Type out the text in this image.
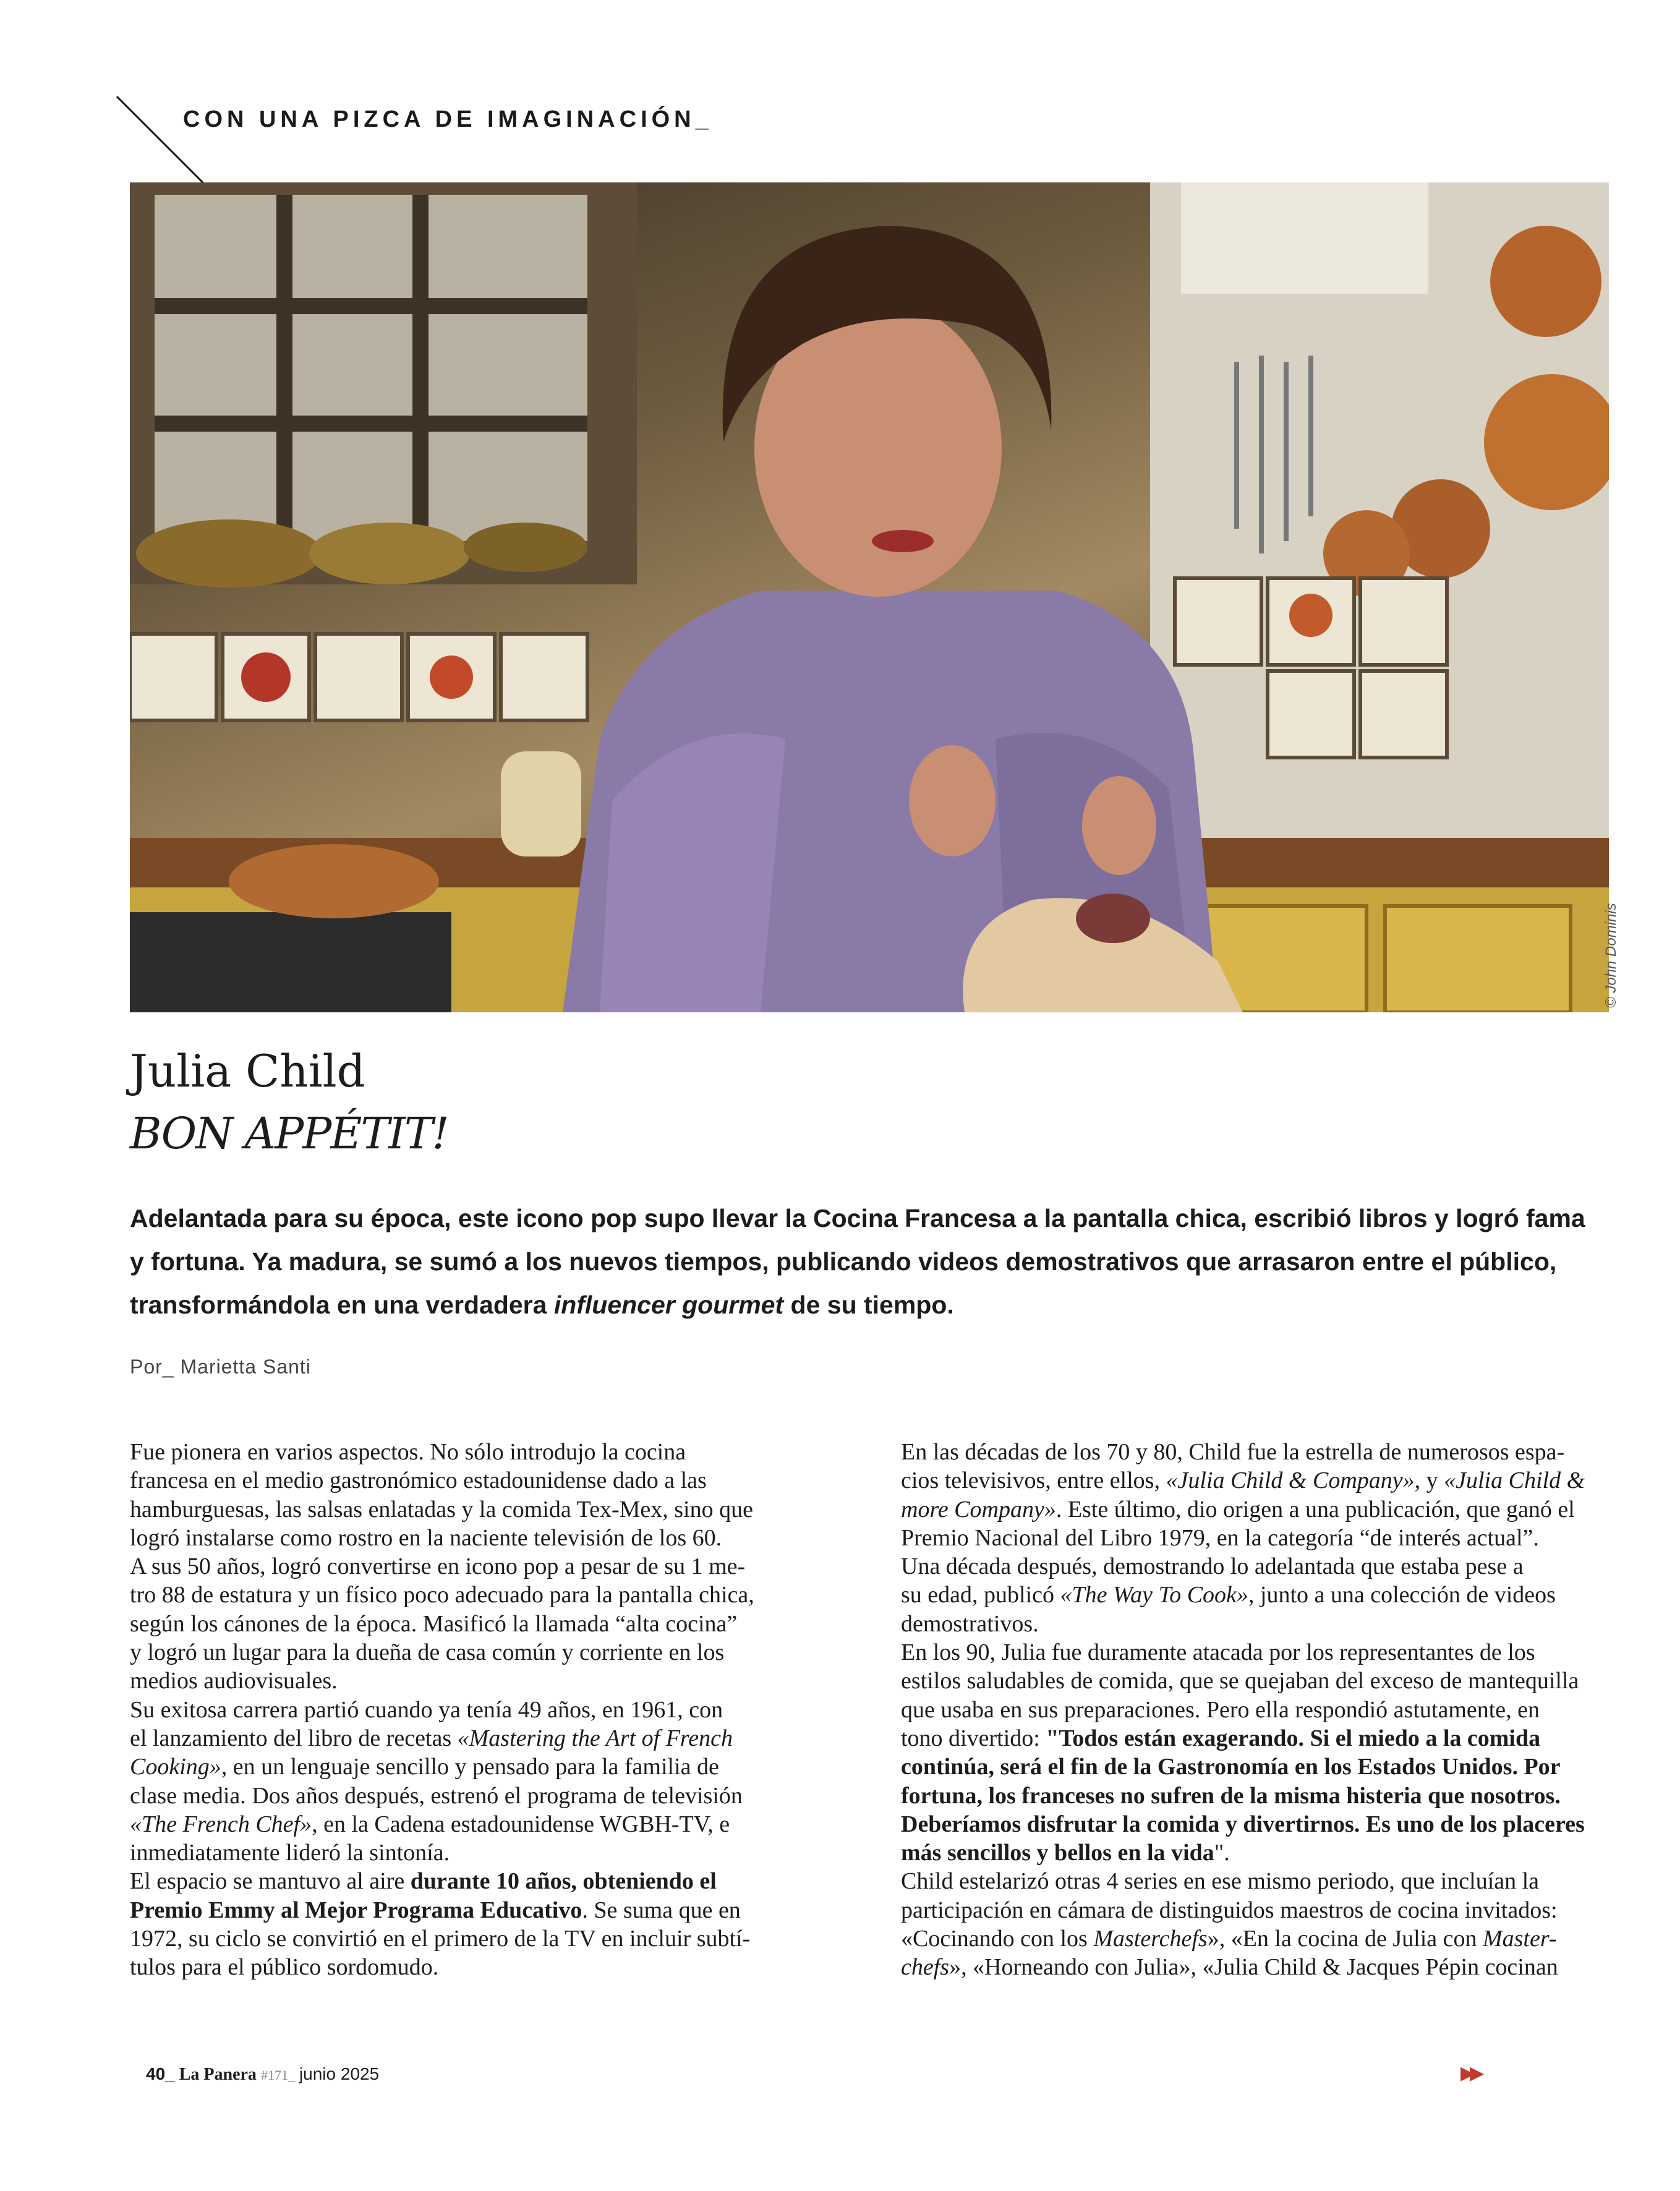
CON UNA PIZCA DE IMAGINACIÓN_
© John Dominis
Julia Child
BON APPÉTIT!
Adelantada para su época, este icono pop supo llevar la Cocina Francesa a la pantalla chica, escribió libros y logró fama
y fortuna. Ya madura, se sumó a los nuevos tiempos, publicando videos demostrativos que arrasaron entre el público,
transformándola en una verdadera influencer gourmet de su tiempo.
Por_ Marietta Santi
Fue pionera en varios aspectos. No sólo introdujo la cocina
francesa en el medio gastronómico estadounidense dado a las
hamburguesas, las salsas enlatadas y la comida Tex-Mex, sino que
logró instalarse como rostro en la naciente televisión de los 60.
A sus 50 años, logró convertirse en icono pop a pesar de su 1 me-
tro 88 de estatura y un físico poco adecuado para la pantalla chica,
según los cánones de la época. Masificó la llamada “alta cocina”
y logró un lugar para la dueña de casa común y corriente en los
medios audiovisuales.
Su exitosa carrera partió cuando ya tenía 49 años, en 1961, con
el lanzamiento del libro de recetas «Mastering the Art of French
Cooking», en un lenguaje sencillo y pensado para la familia de
clase media. Dos años después, estrenó el programa de televisión
«The French Chef», en la Cadena estadounidense WGBH-TV, e
inmediatamente lideró la sintonía.
El espacio se mantuvo al aire durante 10 años, obteniendo el
Premio Emmy al Mejor Programa Educativo. Se suma que en
1972, su ciclo se convirtió en el primero de la TV en incluir subtí-
tulos para el público sordomudo.
En las décadas de los 70 y 80, Child fue la estrella de numerosos espa-
cios televisivos, entre ellos, «Julia Child & Company», y «Julia Child &
more Company». Este último, dio origen a una publicación, que ganó el
Premio Nacional del Libro 1979, en la categoría “de interés actual”.
Una década después, demostrando lo adelantada que estaba pese a
su edad, publicó «The Way To Cook», junto a una colección de videos
demostrativos.
En los 90, Julia fue duramente atacada por los representantes de los
estilos saludables de comida, que se quejaban del exceso de mantequilla
que usaba en sus preparaciones. Pero ella respondió astutamente, en
tono divertido: "Todos están exagerando. Si el miedo a la comida
continúa, será el fin de la Gastronomía en los Estados Unidos. Por
fortuna, los franceses no sufren de la misma histeria que nosotros.
Deberíamos disfrutar la comida y divertirnos. Es uno de los placeres
más sencillos y bellos en la vida".
Child estelarizó otras 4 series en ese mismo periodo, que incluían la
participación en cámara de distinguidos maestros de cocina invitados:
«Cocinando con los Masterchefs», «En la cocina de Julia con Master-
chefs», «Horneando con Julia», «Julia Child & Jacques Pépin cocinan
40_ La Panera #171_ junio 2025	▶▶
